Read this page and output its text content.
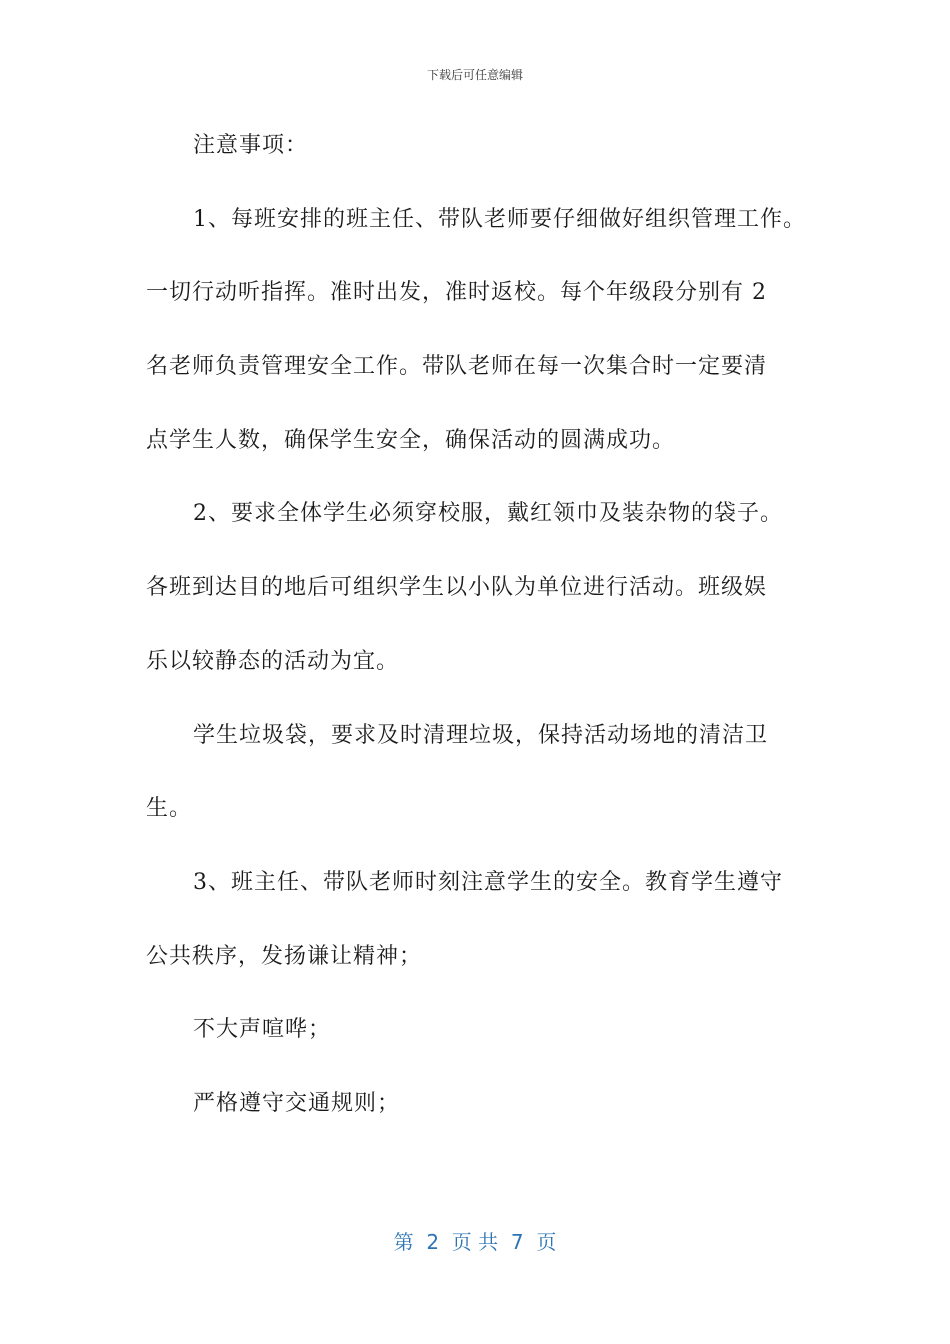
下载后可任意编辑
注意事项：
1、每班安排的班主任、带队老师要仔细做好组织管理工作。
一切行动听指挥。准时出发，准时返校。每个年级段分别有 2
名老师负责管理安全工作。带队老师在每一次集合时一定要清
点学生人数，确保学生安全，确保活动的圆满成功。
2、要求全体学生必须穿校服，戴红领巾及装杂物的袋子。
各班到达目的地后可组织学生以小队为单位进行活动。班级娱
乐以较静态的活动为宜。
学生垃圾袋，要求及时清理垃圾，保持活动场地的清洁卫
生。
3、班主任、带队老师时刻注意学生的安全。教育学生遵守
公共秩序，发扬谦让精神；
不大声喧哗；
严格遵守交通规则；
第  2  页 共  7  页
